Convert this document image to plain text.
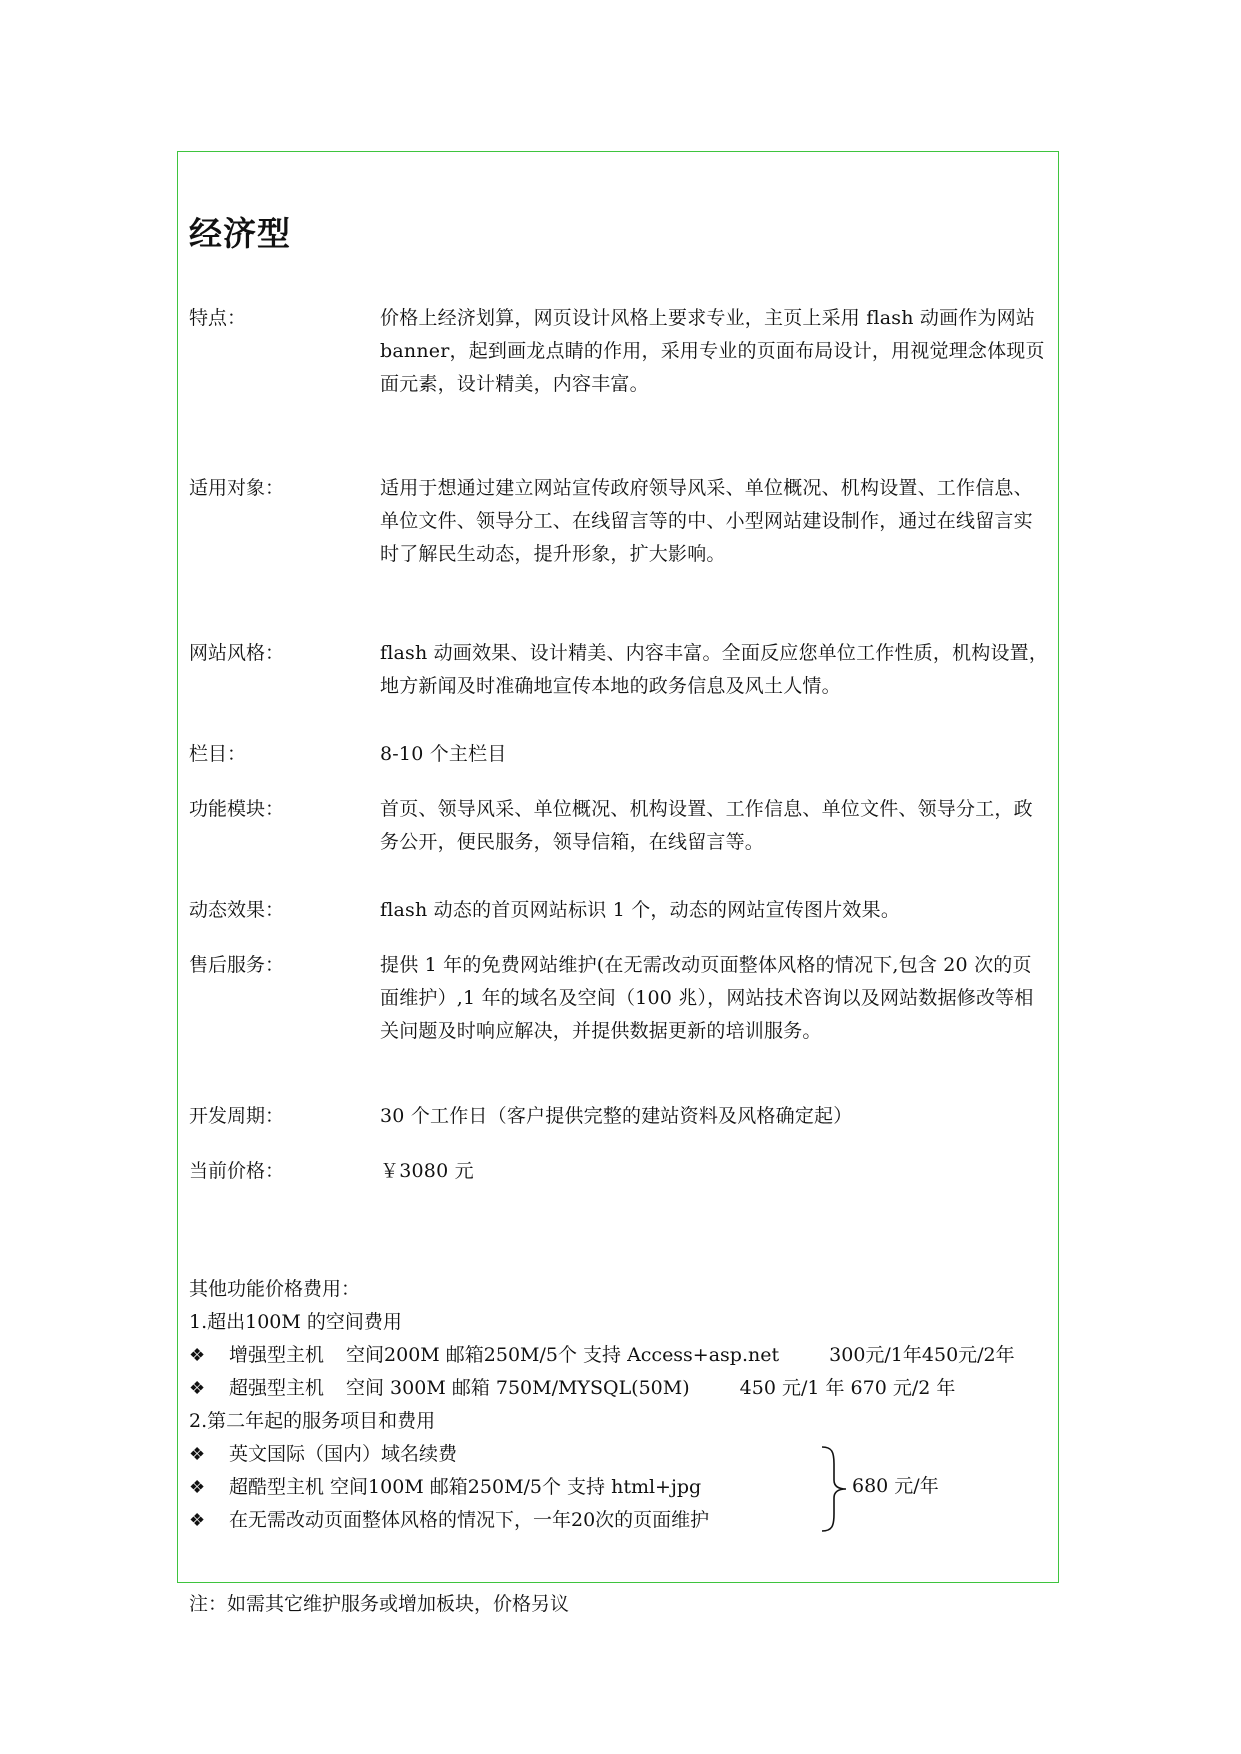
经济型
特点：	价格上经济划算，网页设计风格上要求专业，主页上采用 flash 动画作为网站 banner，起到画龙点睛的作用，采用专业的页面布局设计，用视觉理念体现页面元素，设计精美，内容丰富。
适用对象：	适用于想通过建立网站宣传政府领导风采、单位概况、机构设置、工作信息、单位文件、领导分工、在线留言等的中、小型网站建设制作，通过在线留言实时了解民生动态，提升形象，扩大影响。
网站风格：	flash 动画效果、设计精美、内容丰富。全面反应您单位工作性质，机构设置，地方新闻及时准确地宣传本地的政务信息及风土人情。
栏目：	8-10 个主栏目
功能模块：	首页、领导风采、单位概况、机构设置、工作信息、单位文件、领导分工，政务公开，便民服务，领导信箱，在线留言等。
动态效果：	flash 动态的首页网站标识 1 个，动态的网站宣传图片效果。
售后服务：	提供 1 年的免费网站维护(在无需改动页面整体风格的情况下,包含 20 次的页面维护）,1 年的域名及空间（100 兆），网站技术咨询以及网站数据修改等相关问题及时响应解决，并提供数据更新的培训服务。
开发周期：	30 个工作日（客户提供完整的建站资料及风格确定起）
当前价格：	￥3080 元
其他功能价格费用：
1.超出100M 的空间费用
❖	增强型主机 空间200M 邮箱250M/5个 支持 Access+asp.net	300元/1年450元/2年
❖	超强型主机 空间 300M 邮箱 750M/MYSQL(50M)	450 元/1 年 670 元/2 年
2.第二年起的服务项目和费用
❖	英文国际（国内）域名续费
❖	超酷型主机 空间100M 邮箱250M/5个 支持 html+jpg
❖	在无需改动页面整体风格的情况下，一年20次的页面维护
680 元/年
注：如需其它维护服务或增加板块，价格另议
